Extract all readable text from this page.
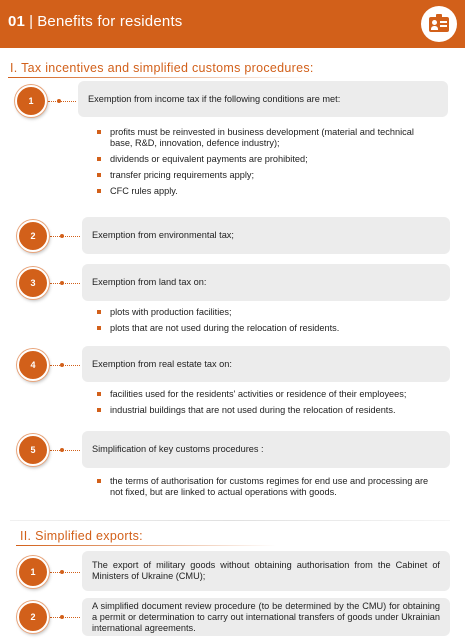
01 | Benefits for residents
I. Tax incentives and simplified customs procedures:
Exemption from income tax if the following conditions are met:
1
profits must be reinvested in business development (material and technical base, R&D, innovation, defence industry);
dividends or equivalent payments are prohibited;
transfer pricing requirements apply;
CFC rules apply.
Exemption from environmental tax;
2
Exemption from land tax on:
3
plots with production facilities;
plots that are not used during the relocation of residents.
Exemption from real estate tax on:
4
facilities used for the residents' activities or residence of their employees;
industrial buildings that are not used during the relocation of residents.
Simplification of key customs procedures :
5
the terms of authorisation for customs regimes for end use and processing are not fixed, but are linked to actual operations with goods.
II. Simplified exports:
The export of military goods without obtaining authorisation from the Cabinet of Ministers of Ukraine (CMU);
1
A simplified document review procedure (to be determined by the CMU) for obtaining a permit or determination to carry out international transfers of goods under Ukrainian international agreements.
2
